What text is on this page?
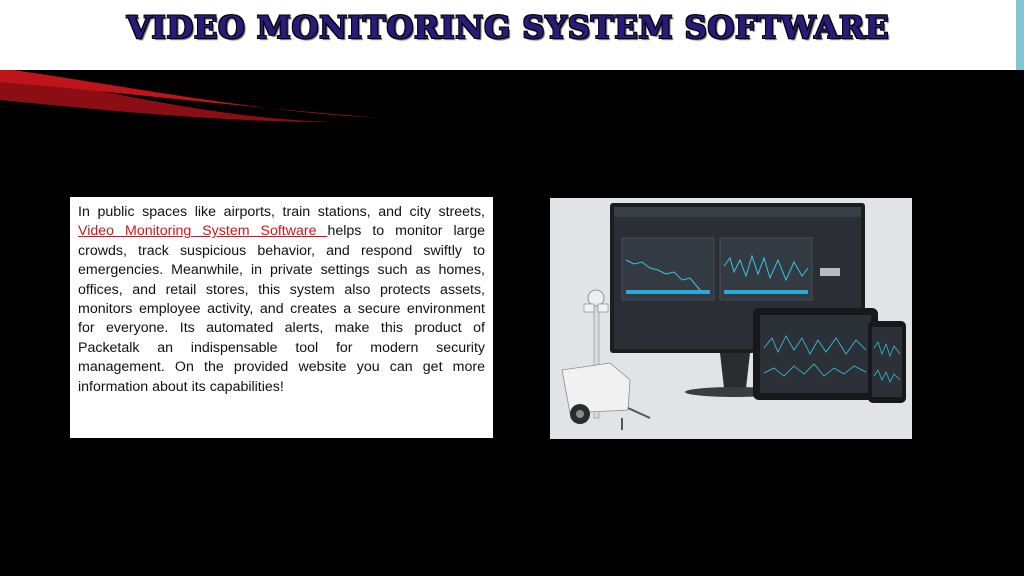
VIDEO MONITORING SYSTEM SOFTWARE

In public spaces like airports, train stations, and city streets, Video Monitoring System Software helps to monitor large crowds, track suspicious behavior, and respond swiftly to emergencies. Meanwhile, in private settings such as homes, offices, and retail stores, this system also protects assets, monitors employee activity, and creates a secure environment for everyone. Its automated alerts, make this product of Packetalk an indispensable tool for modern security management. On the provided website you can get more information about its capabilities!
